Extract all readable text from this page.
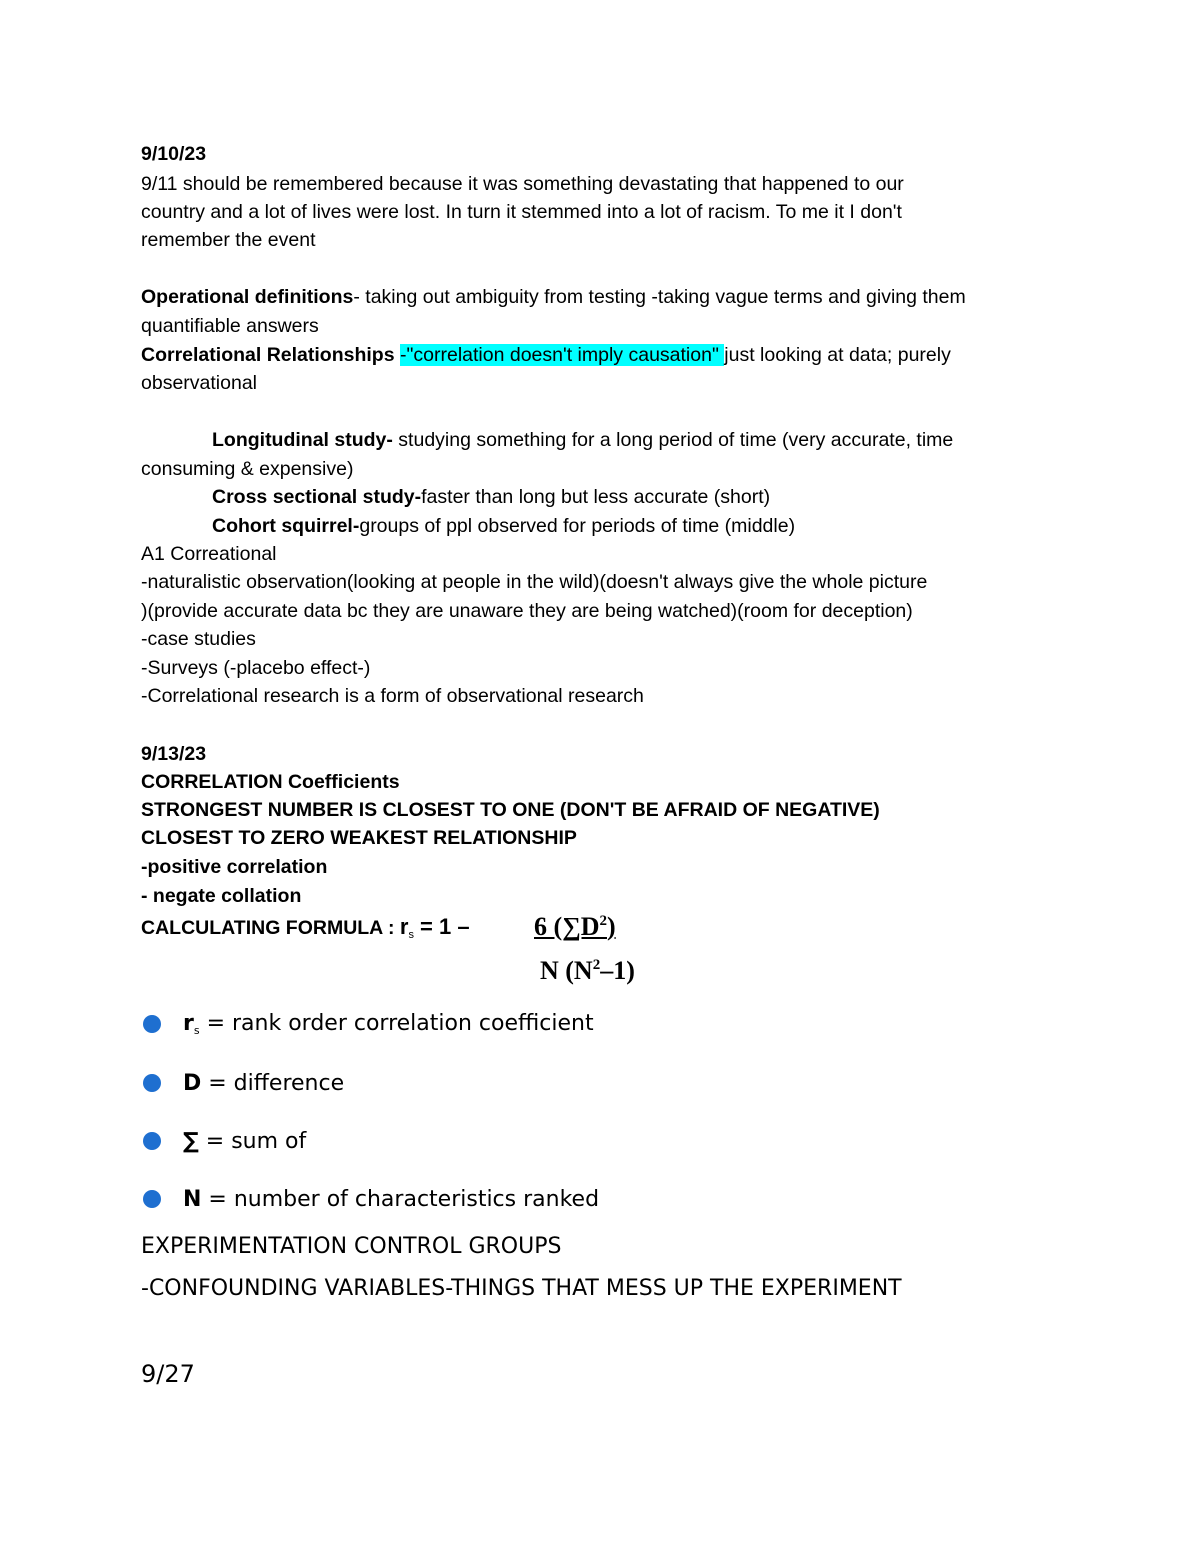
9/10/23
9/11 should be remembered because it was something devastating that happened to our
country and a lot of lives were lost. In turn it stemmed into a lot of racism. To me it I don't
remember the event
Operational definitions- taking out ambiguity from testing -taking vague terms and giving them
quantifiable answers
Correlational Relationships -"correlation doesn't imply causation" just looking at data; purely
observational
Longitudinal study- studying something for a long period of time (very accurate, time
consuming & expensive)
Cross sectional study-faster than long but less accurate (short)
Cohort squirrel-groups of ppl observed for periods of time (middle)
A1 Correational
-naturalistic observation(looking at people in the wild)(doesn't always give the whole picture
)(provide accurate data bc they are unaware they are being watched)(room for deception)
-case studies
-Surveys (-placebo effect-)
-Correlational research is a form of observational research
9/13/23
CORRELATION Coefficients
STRONGEST NUMBER IS CLOSEST TO ONE (DON'T BE AFRAID OF NEGATIVE)
CLOSEST TO ZERO WEAKEST RELATIONSHIP
-positive correlation
- negate collation
CALCULATING FORMULA : $r_s = 1 - 6$ $(\sum D^2)$
N $(N^2-1)$
$r_s$ = rank order correlation coefficient
D = difference
∑ = sum of
N = number of characteristics ranked
EXPERIMENTATION CONTROL GROUPS
-CONFOUNDING VARIABLES-THINGS THAT MESS UP THE EXPERIMENT
9/27
